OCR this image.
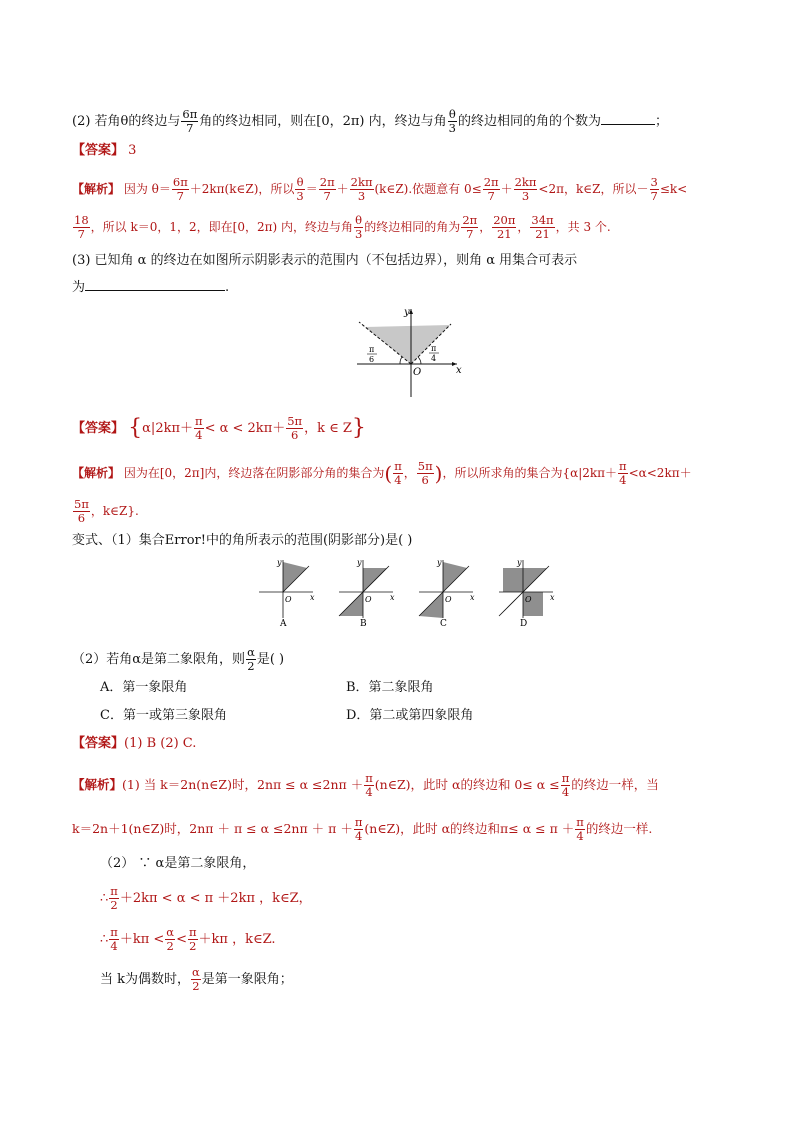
(2) 若角θ的终边与 $\frac{6\pi}{7}$ 角的终边相同，则在[0，2π) 内，终边与角 $\frac{\theta}{3}$ 的终边相同的角的个数为	；
【答案】 3
【解析】 因为 $\theta= \frac{6\pi}{7}$ ＋2kπ(k∈Z)，所以 $\frac{\theta}{3} = \frac{2\pi}{7} + \frac{2k\pi}{3}$ (k∈Z).依题意有 $0\le \frac{2\pi}{7} + \frac{2k\pi}{3} <2\pi$，k∈Z，所以－ $\frac{3}{7} \le k<$
$\frac{18}{7}$ ，所以 k＝0，1，2，即在[0，2π) 内，终边与角 $\frac{\theta}{3}$ 的终边相同的角为 $\frac{2\pi}{7}$ ， $\frac{20\pi}{21}$ ， $\frac{34\pi}{21}$ ，共 3 个.
(3) 已知角 α 的终边在如图所示阴影表示的范围内（不包括边界），则角 α 用集合可表示
为	.
y
x
O
π
6
π
4
【答案】 {$\alpha|2k\pi+ \frac{\pi}{4} < \alpha < 2k\pi+ \frac{5\pi}{6}$ ，k ∈ Z}
【解析】 因为在[0，2π]内，终边落在阴影部分角的集合为( $\frac{\pi}{4}$ ， $\frac{5\pi}{6}$ )，所以所求角的集合为{$\alpha|2k\pi+ \frac{\pi}{4} <\alpha<2k\pi+$
$\frac{5\pi}{6}$ ，k∈Z}.
变式、（1）集合Error!中的角所表示的范围(阴影部分)是( )
y
x
O
A
y
x
O
B
y
x
O
C
y
x
O
D
（2）若角α是第二象限角，则 $\frac{\alpha}{2}$ 是( )
A．第一象限角	B．第二象限角
C．第一或第三象限角	D．第二或第四象限角
【答案】(1) B (2) C.
【解析】(1) 当 k＝2n(n∈Z)时，$2n\pi \le \alpha \le 2n\pi + \frac{\pi}{4}$ (n∈Z)，此时 α的终边和 $0\le \alpha \le \frac{\pi}{4}$ 的终边一样，当
k＝2n＋1(n∈Z)时，$2n\pi + \pi \le \alpha \le 2n\pi + \pi + \frac{\pi}{4}$ (n∈Z)，此时 α的终边和$\pi\le \alpha \le \pi + \frac{\pi}{4}$ 的终边一样.
（2） ∵ α是第二象限角，
∴ $\frac{\pi}{2} +2k\pi < \alpha < \pi +2k\pi$ ，k∈Z，
∴ $\frac{\pi}{4} +k\pi < \frac{\alpha}{2} < \frac{\pi}{2} +k\pi$ ，k∈Z.
当 k为偶数时， $\frac{\alpha}{2}$ 是第一象限角；
